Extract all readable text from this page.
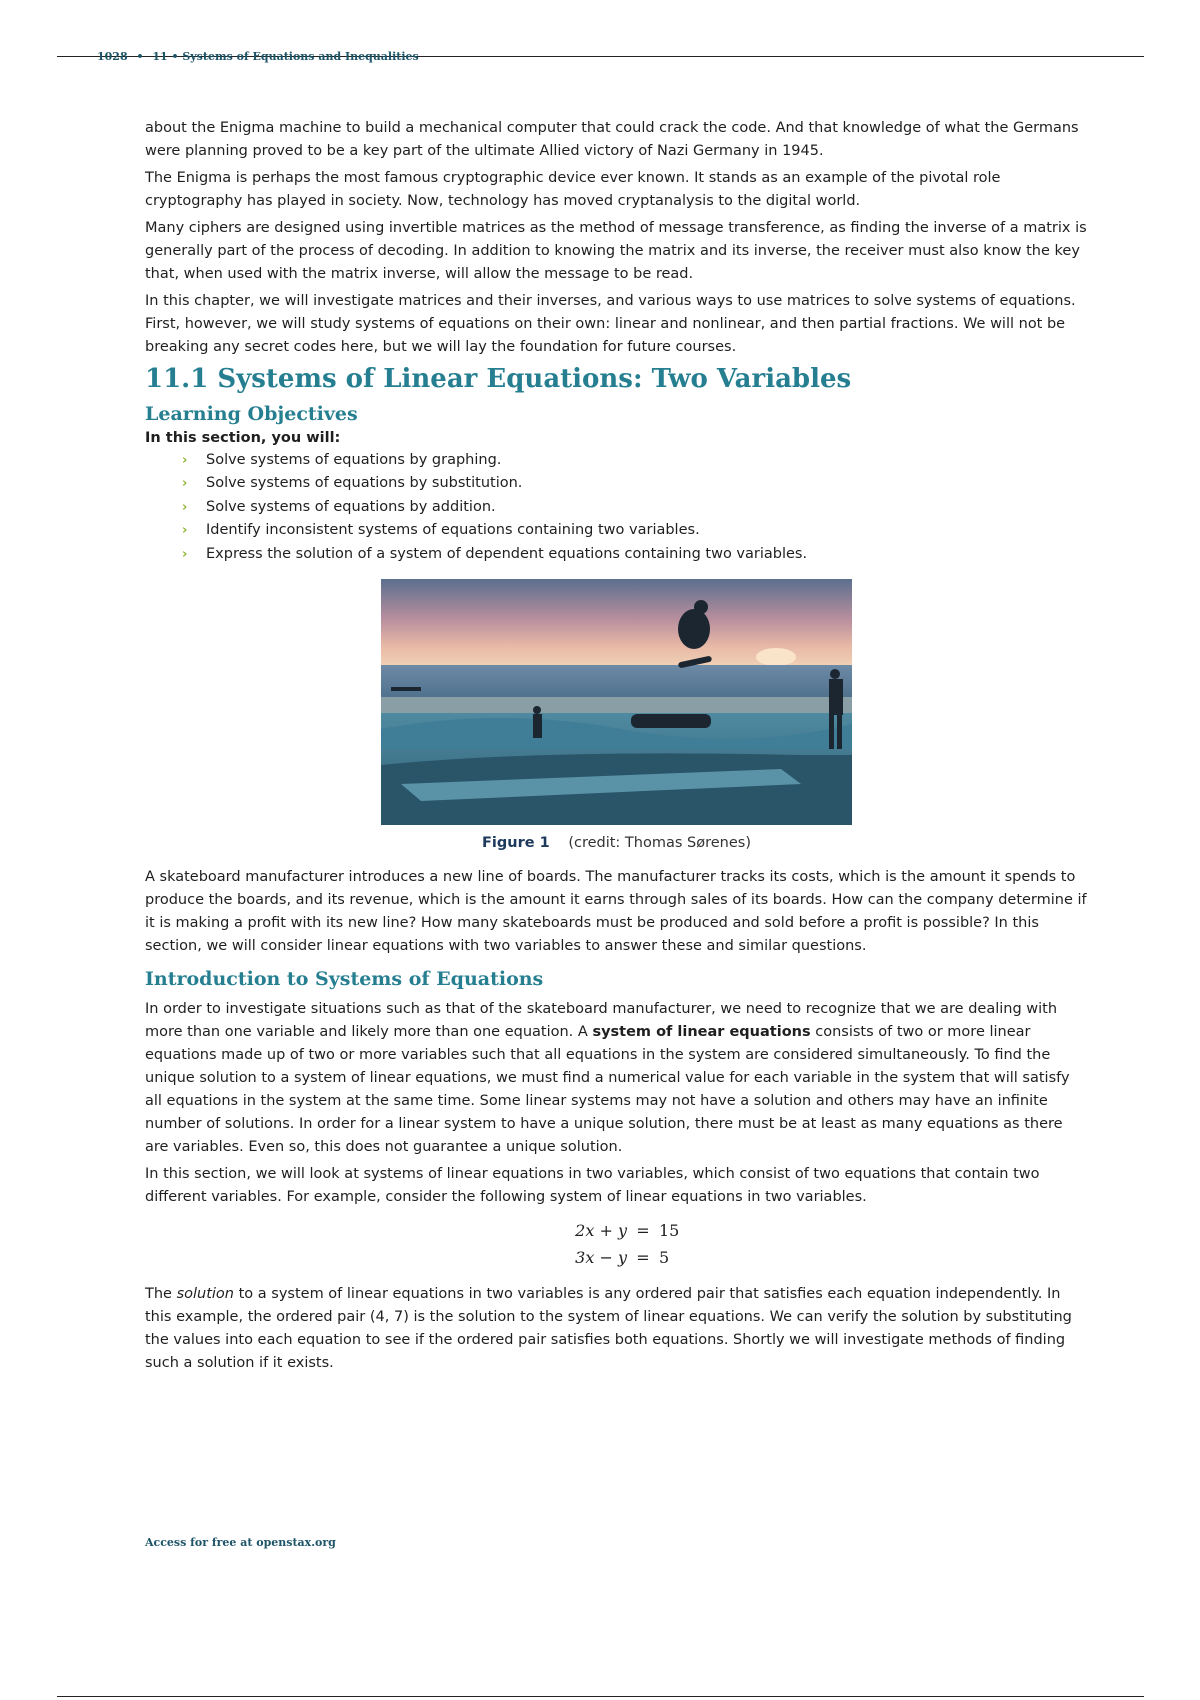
1028 • 11 • Systems of Equations and Inequalities

about the Enigma machine to build a mechanical computer that could crack the code. And that knowledge of what the Germans were planning proved to be a key part of the ultimate Allied victory of Nazi Germany in 1945.

The Enigma is perhaps the most famous cryptographic device ever known. It stands as an example of the pivotal role cryptography has played in society. Now, technology has moved cryptanalysis to the digital world.

Many ciphers are designed using invertible matrices as the method of message transference, as finding the inverse of a matrix is generally part of the process of decoding. In addition to knowing the matrix and its inverse, the receiver must also know the key that, when used with the matrix inverse, will allow the message to be read.

In this chapter, we will investigate matrices and their inverses, and various ways to use matrices to solve systems of equations. First, however, we will study systems of equations on their own: linear and nonlinear, and then partial fractions. We will not be breaking any secret codes here, but we will lay the foundation for future courses.

11.1 Systems of Linear Equations: Two Variables
Learning Objectives
In this section, you will:
› Solve systems of equations by graphing.
› Solve systems of equations by substitution.
› Solve systems of equations by addition.
› Identify inconsistent systems of equations containing two variables.
› Express the solution of a system of dependent equations containing two variables.
Figure 1 (credit: Thomas Sørenes)

A skateboard manufacturer introduces a new line of boards. The manufacturer tracks its costs, which is the amount it spends to produce the boards, and its revenue, which is the amount it earns through sales of its boards. How can the company determine if it is making a profit with its new line? How many skateboards must be produced and sold before a profit is possible? In this section, we will consider linear equations with two variables to answer these and similar questions.

Introduction to Systems of Equations

In order to investigate situations such as that of the skateboard manufacturer, we need to recognize that we are dealing with more than one variable and likely more than one equation. A system of linear equations consists of two or more linear equations made up of two or more variables such that all equations in the system are considered simultaneously. To find the unique solution to a system of linear equations, we must find a numerical value for each variable in the system that will satisfy all equations in the system at the same time. Some linear systems may not have a solution and others may have an infinite number of solutions. In order for a linear system to have a unique solution, there must be at least as many equations as there are variables. Even so, this does not guarantee a unique solution.

In this section, we will look at systems of linear equations in two variables, which consist of two equations that contain two different variables. For example, consider the following system of linear equations in two variables.

2x + y = 15
3x − y = 5

The solution to a system of linear equations in two variables is any ordered pair that satisfies each equation independently. In this example, the ordered pair (4, 7) is the solution to the system of linear equations. We can verify the solution by substituting the values into each equation to see if the ordered pair satisfies both equations. Shortly we will investigate methods of finding such a solution if it exists.

Access for free at openstax.org
